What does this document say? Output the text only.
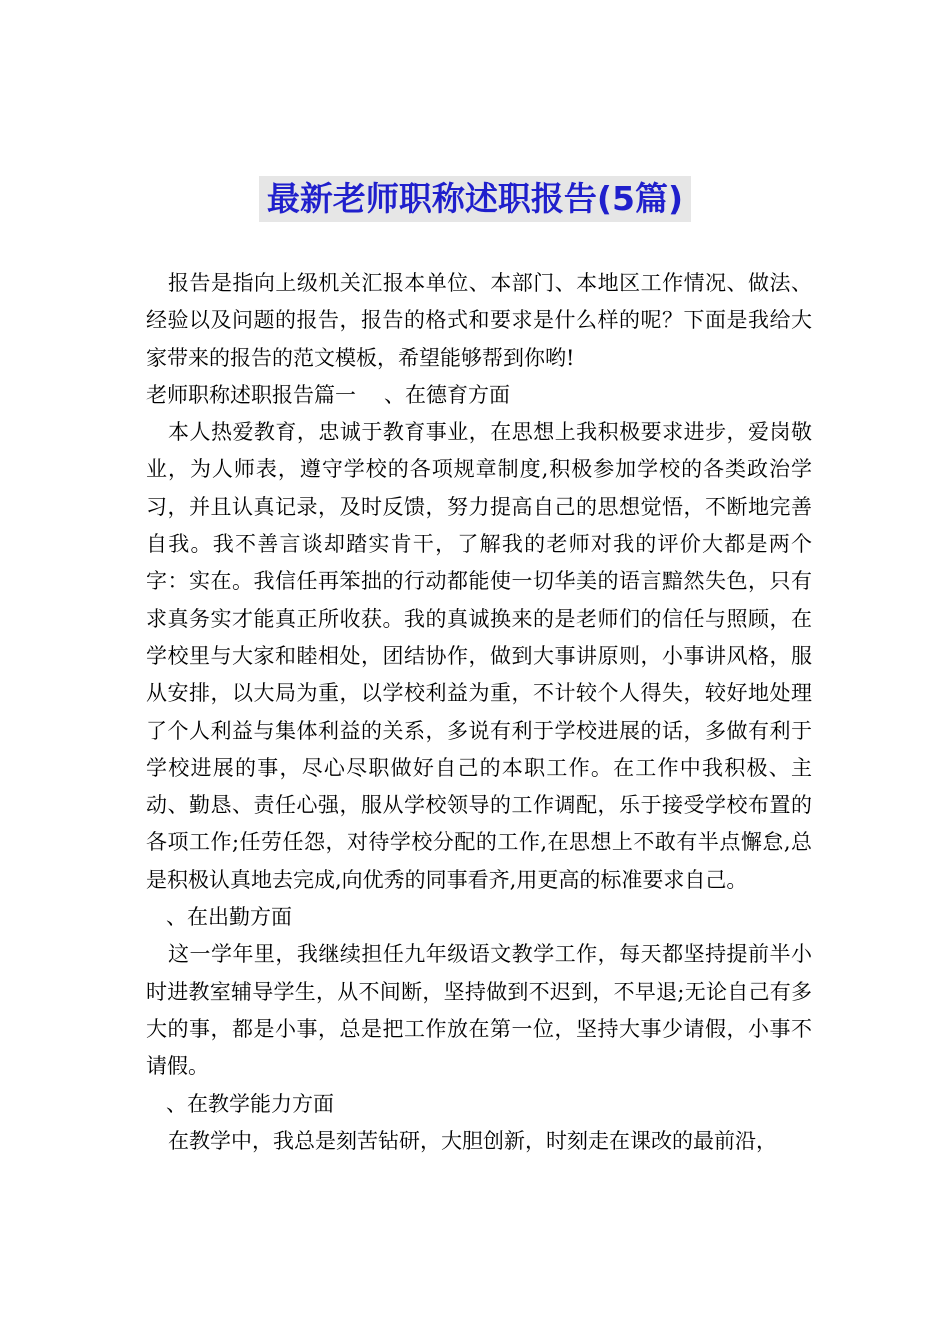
最新老师职称述职报告(5篇)

报告是指向上级机关汇报本单位、本部门、本地区工作情况、做法、经验以及问题的报告，报告的格式和要求是什么样的呢？下面是我给大家带来的报告的范文模板，希望能够帮到你哟!

老师职称述职报告篇一 、在德育方面

本人热爱教育，忠诚于教育事业，在思想上我积极要求进步，爱岗敬业，为人师表，遵守学校的各项规章制度,积极参加学校的各类政治学习，并且认真记录，及时反馈，努力提高自己的思想觉悟，不断地完善自我。我不善言谈却踏实肯干，了解我的老师对我的评价大都是两个字：实在。我信任再笨拙的行动都能使一切华美的语言黯然失色，只有求真务实才能真正所收获。我的真诚换来的是老师们的信任与照顾，在学校里与大家和睦相处，团结协作，做到大事讲原则，小事讲风格，服从安排，以大局为重，以学校利益为重，不计较个人得失，较好地处理了个人利益与集体利益的关系，多说有利于学校进展的话，多做有利于学校进展的事，尽心尽职做好自己的本职工作。在工作中我积极、主动、勤恳、责任心强，服从学校领导的工作调配，乐于接受学校布置的各项工作;任劳任怨，对待学校分配的工作,在思想上不敢有半点懈怠,总是积极认真地去完成,向优秀的同事看齐,用更高的标准要求自己。

、在出勤方面

这一学年里，我继续担任九年级语文教学工作，每天都坚持提前半小时进教室辅导学生，从不间断，坚持做到不迟到，不早退;无论自己有多大的事，都是小事，总是把工作放在第一位，坚持大事少请假，小事不请假。

、在教学能力方面

在教学中，我总是刻苦钻研，大胆创新，时刻走在课改的最前沿，
